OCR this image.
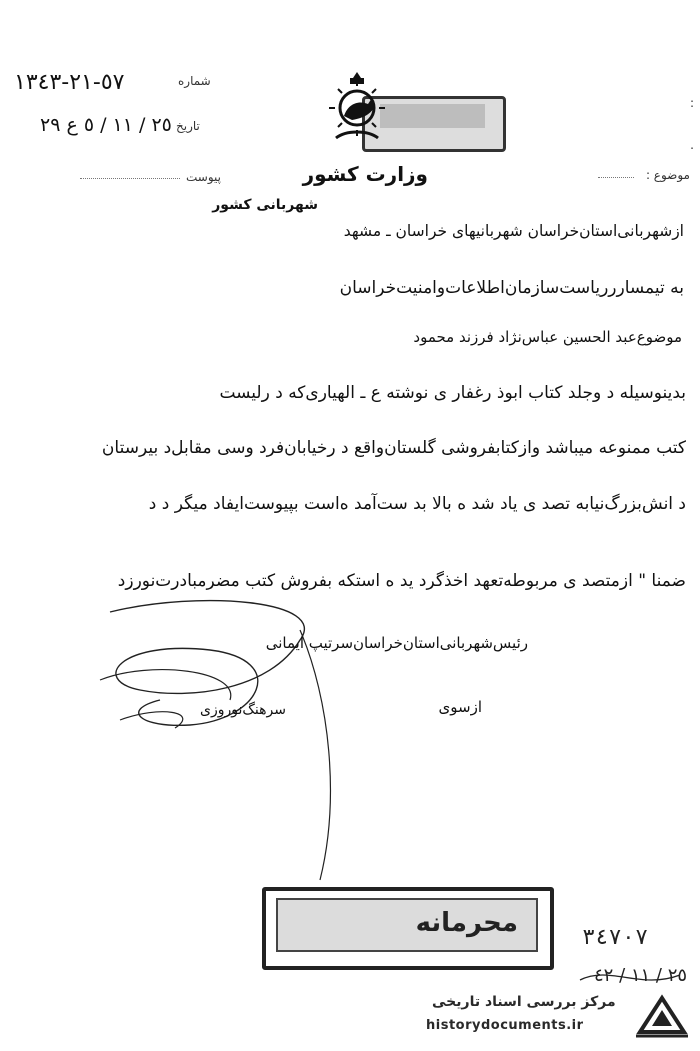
٥٧-٢١-١٣٤٣	شماره
٢٥ / ١١ / ٥ ع ٢٩ تاریخ
پیوست	وزارت کشور	موضوع :
:
.
شهربانی کشور
ازشهربانی‌استان‌خراسان شهربانیهای خراسان ـ مشهد
به تیمساررریاست‌سازمان‌اطلاعات‌وامنیت‌خراسان
موضوع‌عبد الحسین عباس‌نژاد فرزند محمود
بدینوسیله د وجلد کتاب ابوذ رغفار ی نوشته ع ـ الهیاری‌که د رلیست
کتب ممنوعه میباشد وازکتابفروشی گلستان‌واقع د رخیابان‌فرد وسی مقابل‌د بیرستان
د انش‌بزرگ‌نیابه تصد ی یاد شد ه بالا بد ست‌آمد ه‌است بپیوست‌ایفاد میگر د د
ضمنا " ازمتصد ی مربوطه‌تعهد اخذگرد ید ه استکه بفروش کتب مضرمبادرت‌نورزد
رئیس‌شهربانی‌استان‌خراسان‌سرتیپ ایمانی
ازسوی
سرهنگ‌نوروزی
محرمانه	٣٤٧٠٧
٢٥ / ١١ / ٤٢
مرکز بررسی اسناد تاریخی
historydocuments.ir
